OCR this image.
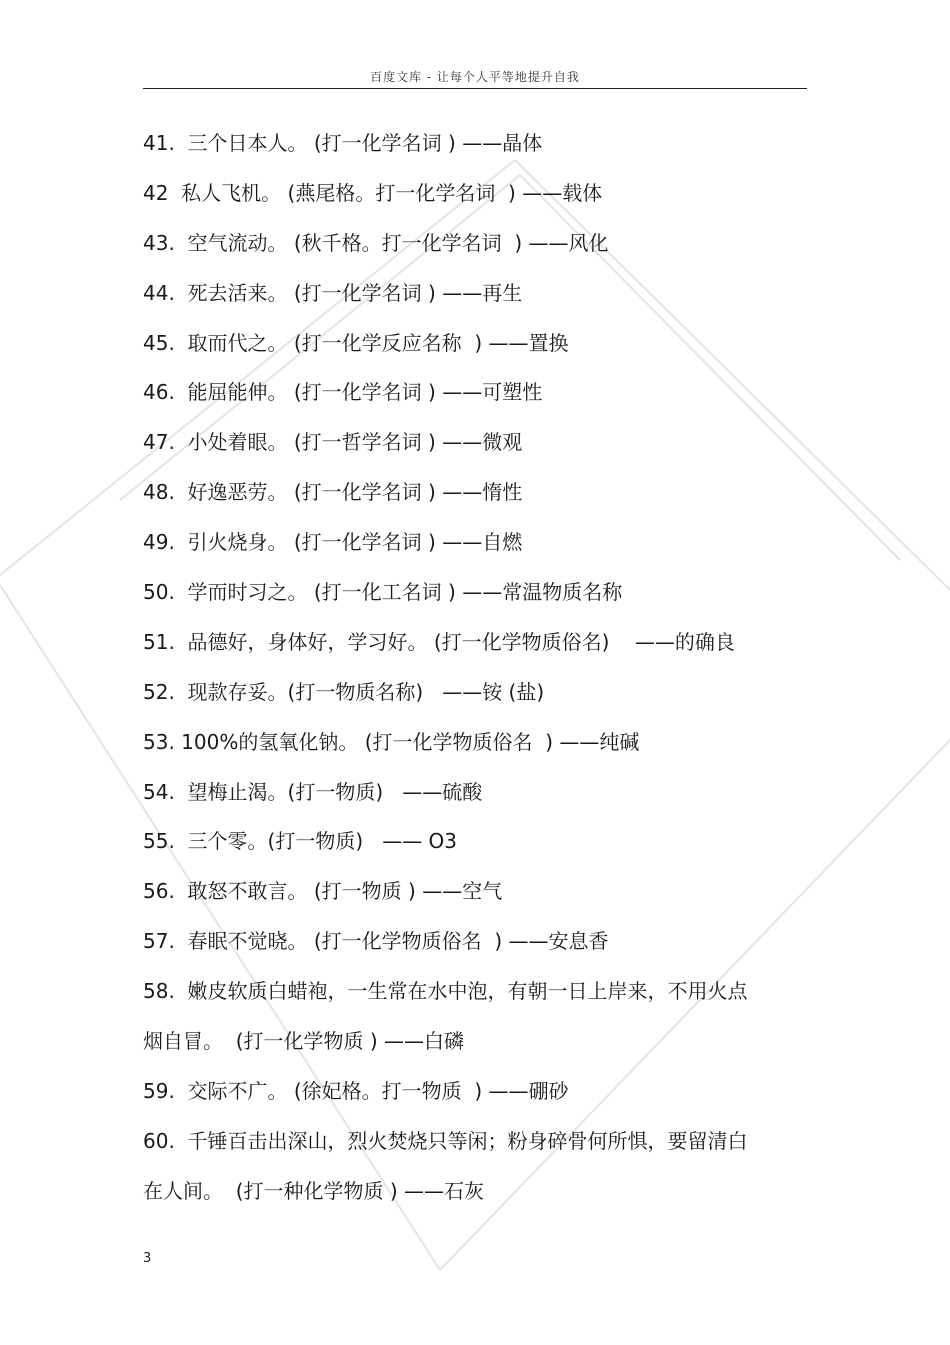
百度文库 - 让每个人平等地提升自我
41.  三个日本人。 (打一化学名词 ) ——晶体
42  私人飞机。 (燕尾格。打一化学名词  ) ——载体
43.  空气流动。 (秋千格。打一化学名词  ) ——风化
44.  死去活来。 (打一化学名词 ) ——再生
45.  取而代之。 (打一化学反应名称  ) ——置换
46.  能屈能伸。 (打一化学名词 ) ——可塑性
47.  小处着眼。 (打一哲学名词 ) ——微观
48.  好逸恶劳。 (打一化学名词 ) ——惰性
49.  引火烧身。 (打一化学名词 ) ——自燃
50.  学而时习之。 (打一化工名词 ) ——常温物质名称
51.  品德好，身体好，学习好。 (打一化学物质俗名)    ——的确良
52.  现款存妥。(打一物质名称)   ——铵 (盐)
53. 100%的氢氧化钠。 (打一化学物质俗名  ) ——纯碱
54.  望梅止渴。(打一物质)   ——硫酸
55.  三个零。(打一物质)   —— O3
56.  敢怒不敢言。 (打一物质 ) ——空气
57.  春眠不觉晓。 (打一化学物质俗名  ) ——安息香
58.  嫩皮软质白蜡袍，一生常在水中泡，有朝一日上岸来，不用火点
烟自冒。  (打一化学物质 ) ——白磷
59.  交际不广。 (徐妃格。打一物质  ) ——硼砂
60.  千锤百击出深山，烈火焚烧只等闲；粉身碎骨何所惧，要留清白
在人间。  (打一种化学物质 ) ——石灰
3
